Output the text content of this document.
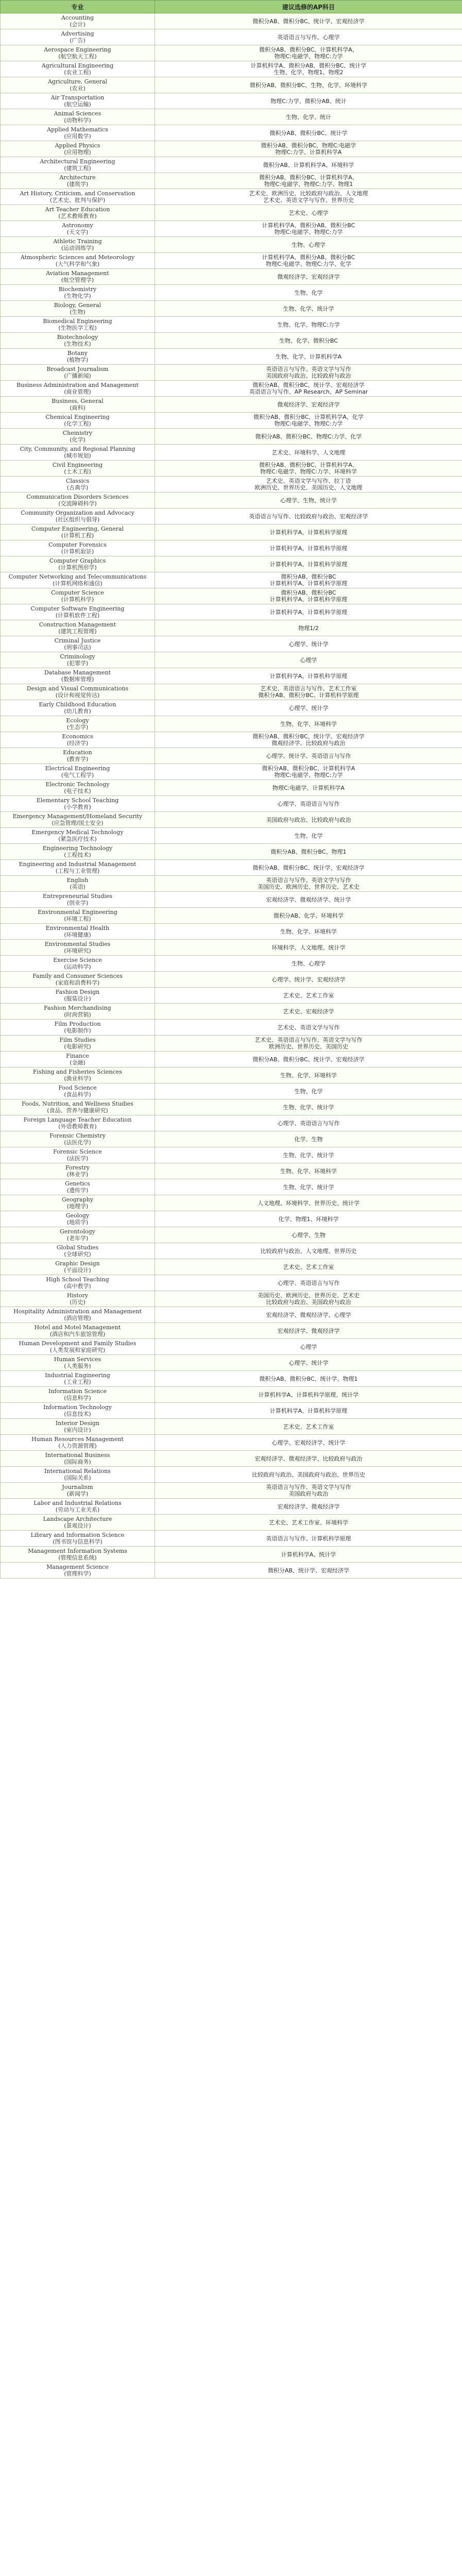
专业	建议选修的AP科目

Accounting
(会计)	微积分AB、微积分BC、统计学、宏观经济学

Advertising
(广告)	英语语言与写作、心理学

Aerospace Engineering
(航空航天工程)	微积分AB、微积分BC、计算机科学A、
物理C:电磁学、物理C:力学

Agricultural Engineering
(农业工程)	计算机科学A、微积分AB、微积分BC、统计学
生物、化学、物理1、物理2

Agriculture, General
(农业)	微积分AB、微积分BC、生物、化学、环境科学

Air Transportation
(航空运输)	物理C:力学、微积分AB、统计

Animal Sciences
(动物科学)	生物、化学、统计

Applied Mathematics
(应用数学)	微积分AB、微积分BC、统计学

Applied Physics
(应用物理)	微积分AB、微积分BC、物理C:电磁学
物理C:力学、计算机科学A

Architectural Engineering
(建筑工程)	微积分AB、计算机科学A、环境科学

Architecture
(建筑学)	微积分AB、微积分BC、计算机科学A、
物理C:电磁学、物理C:力学、物理1

Art History, Criticism, and Conservation
(艺术史、批判与保护)	艺术史、欧洲历史、比较政府与政治、人文地理
艺术史、英语文学与写作、世界历史

Art Teacher Education
(艺术教师教育)	艺术史、心理学

Astronomy
(天文学)	计算机科学A、微积分AB、微积分BC
物理C:电磁学、物理C:力学

Athletic Training
(运动训练学)	生物、心理学

Atmospheric Sciences and Meteorology
(大气科学和气象)	计算机科学A、微积分AB、微积分BC
物理C:电磁学、物理C:力学、化学

Aviation Management
(航空管理学)	微观经济学、宏观经济学

Biochemistry
(生物化学)	生物、化学

Biology, General
(生物)	生物、化学、统计学

Biomedical Engineering
(生物医学工程)	生物、化学、物理C:力学

Biotechnology
(生物技术)	生物、化学、微积分BC

Botany
(植物学)	生物、化学、计算机科学A

Broadcast Journalism
(广播新闻)	英语语言与写作、英语文学与写作
美国政府与政治、比较政府与政治

Business Administration and Management
(商业管理)	微积分AB、微积分BC、统计学、宏观经济学
英语语言与写作、AP Research、AP Seminar

Business, General
(商科)	微观经济学、宏观经济学

Chemical Engineering
(化学工程)	微积分AB、微积分BC、计算机科学A、化学
物理C:电磁学、物理C:力学

Chemistry
(化学)	微积分AB、微积分BC、物理C:力学、化学

City, Community, and Regional Planning
(城市规划)	艺术史、环境科学、人文地理

Civil Engineering
(土木工程)	微积分AB、微积分BC、计算机科学A、
物理C:电磁学、物理C:力学、环境科学

Classics
(古典学)	艺术史、英语文学与写作、拉丁语
欧洲历史、世界历史、美国历史、人文地理

Communication Disorders Sciences
(交流障碍科学)	心理学、生物、统计学

Community Organization and Advocacy
(社区组织与倡导)	英语语言与写作、比较政府与政治、宏观经济学

Computer Engineering, General
(计算机工程)	计算机科学A、计算机科学原理

Computer Forensics
(计算机取证)	计算机科学A、计算机科学原理

Computer Graphics
(计算机图形学)	计算机科学A、计算机科学原理

Computer Networking and Telecommunications
(计算机网络和通信)	微积分AB、微积分BC
计算机科学A、计算机科学原理

Computer Science
(计算机科学)	微积分AB、微积分BC
计算机科学A、计算机科学原理

Computer Software Engineering
(计算机软件工程)	计算机科学A、计算机科学原理

Construction Management
(建筑工程管理)	物理1/2

Criminal Justice
(刑事司法)	心理学、统计学

Criminology
(犯罪学)	心理学

Database Management
(数据库管理)	计算机科学A、计算机科学原理

Design and Visual Communications
(设计和视觉传达)	艺术史、英语语言与写作、艺术工作室
微积分AB、微积分BC、计算机科学原理

Early Childhood Education
(幼儿教育)	心理学、统计学

Ecology
(生态学)	生物、化学、环境科学

Economics
(经济学)	微积分AB、微积分BC、统计学、宏观经济学
微观经济学、比较政府与政治

Education
(教育学)	心理学、统计学、英语语言与写作

Electrical Engineering
(电气工程学)	微积分AB、微积分BC、计算机科学A
物理C:电磁学、物理C:力学

Electronic Technology
(电子技术)	物理C:电磁学、计算机科学A

Elementary School Teaching
(小学教育)	心理学、英语语言与写作

Emergency Management/Homeland Security
(应急管理/国土安全)	美国政府与政治、比较政府与政治

Emergency Medical Technology
(紧急医疗技术)	生物、化学

Engineering Technology
(工程技术)	微积分AB、微积分BC、物理1

Engineering and Industrial Management
(工程与工业管理)	微积分AB、微积分BC、统计学、宏观经济学

English
(英语)	英语语言与写作、英语文学与写作
美国历史、欧洲历史、世界历史、艺术史

Entrepreneurial Studies
(创业学)	宏观经济学、微观经济学、统计学

Environmental Engineering
(环境工程)	微积分AB、化学、环境科学

Environmental Health
(环境健康)	生物、化学、环境科学

Environmental Studies
(环境研究)	环境科学、人文地理、统计学

Exercise Science
(运动科学)	生物、心理学

Family and Consumer Sciences
(家庭和消费科学)	心理学、统计学、宏观经济学

Fashion Design
(服装设计)	艺术史、艺术工作室

Fashion Merchandising
(时尚营销)	艺术史、宏观经济学

Film Production
(电影制作)	艺术史、英语文学与写作

Film Studies
(电影研究)	艺术史、英语语言与写作、英语文学与写作
欧洲历史、世界历史、美国历史

Finance
(金融)	微积分AB、微积分BC、统计学、宏观经济学

Fishing and Fisheries Sciences
(渔业科学)	生物、化学、环境科学

Food Science
(食品科学)	生物、化学

Foods, Nutrition, and Wellness Studies
(食品、营养与健康研究)	生物、化学、统计学

Foreign Language Teacher Education
(外语教师教育)	心理学、英语语言与写作

Forensic Chemistry
(法医化学)	化学、生物

Forensic Science
(法医学)	生物、化学、统计学

Forestry
(林业学)	生物、化学、环境科学

Genetics
(遗传学)	生物、化学、统计学

Geography
(地理学)	人文地理、环境科学、世界历史、统计学

Geology
(地质学)	化学、物理1、环境科学

Gerontology
(老年学)	心理学、生物

Global Studies
(全球研究)	比较政府与政治、人文地理、世界历史

Graphic Design
(平面设计)	艺术史、艺术工作室

High School Teaching
(高中教学)	心理学、英语语言与写作

History
(历史)	美国历史、欧洲历史、世界历史、艺术史
比较政府与政治、美国政府与政治

Hospitality Administration and Management
(酒店管理)	宏观经济学、微观经济学、心理学

Hotel and Motel Management
(酒店和汽车旅馆管理)	宏观经济学、微观经济学

Human Development and Family Studies
(人类发展和家庭研究)	心理学

Human Services
(人类服务)	心理学、统计学

Industrial Engineering
(工业工程)	微积分AB、微积分BC、统计学、物理1

Information Science
(信息科学)	计算机科学A、计算机科学原理、统计学

Information Technology
(信息技术)	计算机科学A、计算机科学原理

Interior Design
(室内设计)	艺术史、艺术工作室

Human Resources Management
(人力资源管理)	心理学、宏观经济学、统计学

International Business
(国际商务)	宏观经济学、微观经济学、比较政府与政治

International Relations
(国际关系)	比较政府与政治、美国政府与政治、世界历史

Journalism
(新闻学)	英语语言与写作、英语文学与写作
美国政府与政治

Labor and Industrial Relations
(劳动与工业关系)	宏观经济学、微观经济学

Landscape Architecture
(景观设计)	艺术史、艺术工作室、环境科学

Library and Information Science
(图书馆与信息科学)	英语语言与写作、计算机科学原理

Management Information Systems
(管理信息系统)	计算机科学A、统计学

Management Science
(管理科学)	微积分AB、统计学、宏观经济学
